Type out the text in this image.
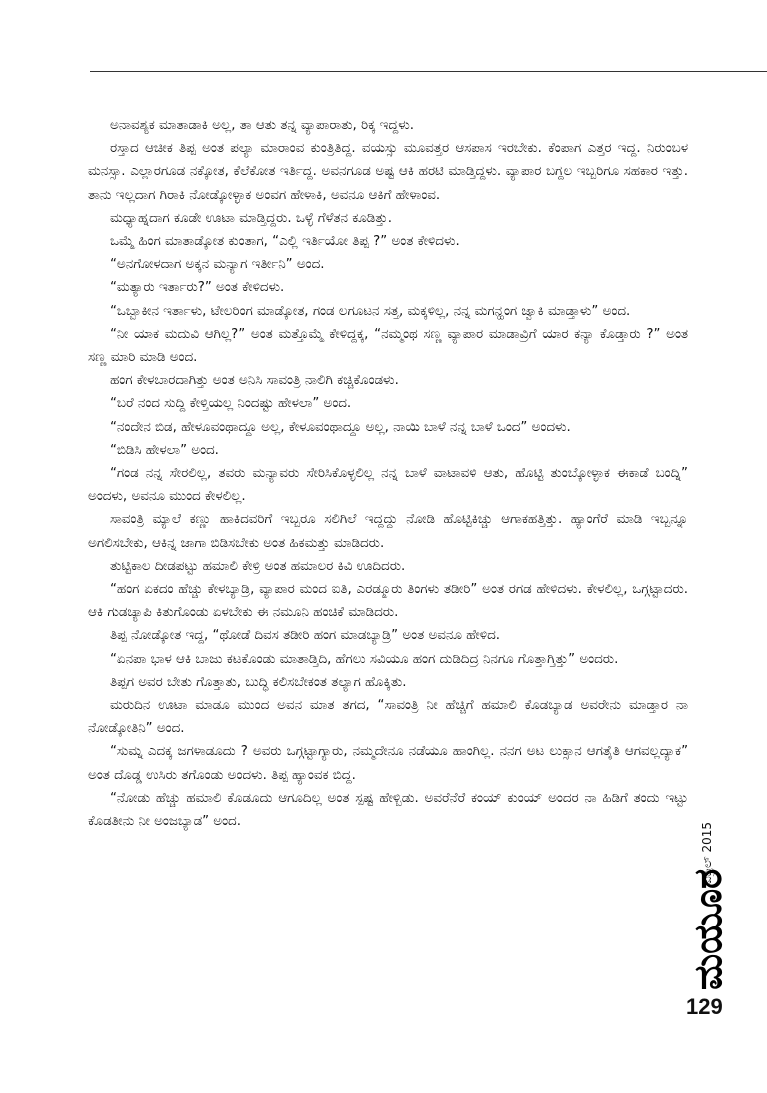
ಅನಾವಶ್ಯಕ ಮಾತಾಡಾಕಿ ಅಲ್ಲ, ತಾ ಆತು ತನ್ನ ವ್ಯಾಪಾರಾತು, ರಿಕ್ಕ ಇದ್ದಳು.

ರಸ್ತಾದ ಆಚೀಕ ತಿಪ್ಪ ಅಂತ ಪಲ್ಯಾ ಮಾರಾಂವ ಕುಂತ್ರಿತಿದ್ದ. ವಯಸ್ಸು ಮೂವತ್ತರ ಆಸಪಾಸ ಇರಬೇಕು. ಕೆಂಪಾಗ ಎತ್ತರ ಇದ್ದ. ನಿರುಂಬಳ ಮನಸ್ಸಾ. ಎಲ್ಲಾರಗೂಡ ನಕ್ಕೋತ, ಕೆಲೆಕೋತ ಇರ್ತಿದ್ದ. ಅವನಗೂಡ ಅಷ್ಟ ಆಕಿ ಹರಟಿ ಮಾಡ್ತಿದ್ದಳು. ವ್ಯಾಪಾರ ಬಗ್ದಲ ಇಬ್ಬರಿಗೂ ಸಹಕಾರ ಇತ್ತು. ತಾನು ಇಲ್ಲದಾಗ ಗಿರಾಕಿ ನೋಡ್ಕೋಳ್ಳಾಕ ಅಂವಗ ಹೇಳಾಕಿ, ಅವನೂ ಆಕಿಗೆ ಹೇಳಾಂವ.

ಮಧ್ಯಾಹ್ನದಾಗ ಕೂಡೇ ಊಟಾ ಮಾಡ್ತಿದ್ದರು. ಒಳ್ಳೆ ಗೆಳೆತನ ಕೂಡಿತ್ತು.

ಒಮ್ಮೆ ಹಿಂಗ ಮಾತಾಡ್ಕೋತ ಕುಂತಾಗ, “ಎಲ್ಲಿ ಇರ್ತಿಯೋ ತಿಪ್ಪ ?” ಅಂತ ಕೇಳಿದಳು.

“ಅನಗೋಳದಾಗ ಅಕ್ಕನ ಮನ್ಯಾಗ ಇರ್ತೀನಿ” ಅಂದ.

“ಮತ್ಯಾರು ಇರ್ತಾರು?” ಅಂತ ಕೇಳಿದಳು.

“ಒಬ್ಬಾಕೀನ ಇರ್ತಾಳು, ಟೇಲರಿಂಗ ಮಾಡ್ಕೋತ, ಗಂಡ ಲಗೂಟನ ಸತ್ತ, ಮಕ್ಕಳಿಲ್ಲ, ನನ್ನ ಮಗನ್ಹಂಗ ಜ್ವಾಕಿ ಮಾಡ್ತಾಳು” ಅಂದ.

“ನೀ ಯಾಕ ಮದುವಿ ಆಗಿಲ್ಲ?” ಅಂತ ಮತ್ತೊಮ್ಮೆ ಕೇಳಿದ್ದಕ್ಕ, “ನಮ್ಮಂಥ ಸಣ್ಣ ವ್ಯಾಪಾರ ಮಾಡಾವ್ರಿಗೆ ಯಾರ ಕನ್ಯಾ ಕೊಡ್ತಾರು ?” ಅಂತ ಸಣ್ಣ ಮಾರಿ ಮಾಡಿ ಅಂದ.

ಹಂಗ ಕೇಳಬಾರದಾಗಿತ್ತು ಅಂತ ಅನಿಸಿ ಸಾವಂತ್ರಿ ನಾಲಿಗಿ ಕಚ್ಚಿಕೊಂಡಳು.

“ಬರೆ ನಂದ ಸುದ್ದಿ ಕೇಳ್ತಿಯಲ್ಲ ನಿಂದಷ್ಟು ಹೇಳಲಾ” ಅಂದ.

“ನಂದೇನ ಬಿಡ, ಹೇಳೂವಂಥಾದ್ದೂ ಅಲ್ಲ, ಕೇಳೂವಂಥಾದ್ದೂ ಅಲ್ಲ, ನಾಯಿ ಬಾಳೆ ನನ್ನ ಬಾಳೆ ಒಂದ” ಅಂದಳು.

“ಬಿಡಿಸಿ ಹೇಳಲಾ” ಅಂದ.

“ಗಂಡ ನನ್ನ ಸೇರಲಿಲ್ಲ, ತವರು ಮನ್ಯಾವರು ಸೇರಿಸಿಕೊಳ್ಳಲಿಲ್ಲ ನನ್ನ ಬಾಳೆ ವಾಟಾವಳಿ ಆತು, ಹೊಟ್ಟಿ ತುಂಬ್ಕೋಳ್ಳಾಕ ಈಕಾಡೆ ಬಂದ್ನಿ” ಅಂದಳು, ಅವನೂ ಮುಂದ ಕೇಳಲಿಲ್ಲ.

ಸಾವಂತ್ರಿ ಮ್ಯಾಲೆ ಕಣ್ಣು ಹಾಕಿದವರಿಗೆ ಇಬ್ಬರೂ ಸಲಿಗಿಲೆ ಇದ್ದದ್ದು ನೋಡಿ ಹೊಟ್ಟಿಕಿಚ್ಚು ಆಗಾಕಹತ್ತಿತ್ತು. ಹ್ಯಾಂಗೆರೆ ಮಾಡಿ ಇಬ್ಬನ್ನೂ ಅಗಲಿಸಬೇಕು, ಆಕಿನ್ನ ಜಾಗಾ ಬಿಡಿಸಬೇಕು ಅಂತ ಹಿಕಮತ್ತು ಮಾಡಿದರು.

ತುಟ್ಟಿಕಾಲ ದೀಡಪಟ್ಟು ಹಮಾಲಿ ಕೇಳ್ರಿ ಅಂತ ಹಮಾಲರ ಕಿವಿ ಊದಿದರು.

“ಹಂಗ ಏಕದಂ ಹೆಚ್ಚು ಕೇಳಬ್ಯಾಡ್ರಿ, ವ್ಯಾಪಾರ ಮಂದ ಐತಿ, ಎರಡ್ಮೂರು ತಿಂಗಳು ತಡೀರಿ” ಅಂತ ರಗಡ ಹೇಳಿದಳು. ಕೇಳಲಿಲ್ಲ, ಒಗ್ಗಟ್ಟಾದರು. ಆಕಿ ಗುಡಚ್ಯಾಪಿ ಕಿತುಗೊಂಡು ಏಳಬೇಕು ಈ ನಮೂನಿ ಹಂಚಿಕೆ ಮಾಡಿದರು.

ತಿಪ್ಪ ನೋಡ್ಕೋತ ಇದ್ದ, “ಥೋಡೆ ದಿವಸ ತಡೀರಿ ಹಂಗ ಮಾಡಬ್ಯಾಡ್ರಿ” ಅಂತ ಅವನೂ ಹೇಳಿದ.

“ಏನಪಾ ಭಾಳ ಆಕಿ ಬಾಜು ಕಟಕೊಂಡು ಮಾತಾಡ್ತಿದಿ, ಹೆಗಲು ಸವಿಯೂ ಹಂಗ ದುಡಿದಿದ್ರ ನಿನಗೂ ಗೊತ್ತಾಗ್ತಿತ್ತು” ಅಂದರು.

ತಿಪ್ಪಗ ಅವರ ಬೇತು ಗೊತ್ತಾತು, ಬುದ್ಧಿ ಕಲಿಸಬೇಕಂತ ತಲ್ಯಾಗ ಹೊಕ್ಕಿತು.

ಮರುದಿನ ಊಟಾ ಮಾಡೂ ಮುಂದ ಅವನ ಮಾತ ತಗದ, “ಸಾವಂತ್ರಿ ನೀ ಹೆಚ್ಚಿಗೆ ಹಮಾಲಿ ಕೊಡಬ್ಯಾಡ ಅವರೇನು ಮಾಡ್ತಾರ ನಾ ನೋಡ್ಕೋತಿನಿ” ಅಂದ.

“ಸುಮ್ನ ಎದಕ್ಕ ಜಗಳಾಡೂದು ? ಅವರು ಒಗ್ಗಟ್ಟಾಗ್ಯಾರು, ನಮ್ಮದೇನೂ ನಡೆಯೂ ಹಾಂಗಿಲ್ಲ. ನನಗ ಅಟ ಲುಕ್ಸಾನ ಆಗತೈತಿ ಆಗವಲ್ಲದ್ಯಾಕ” ಅಂತ ದೊಡ್ಡ ಉಸಿರು ತಗೊಂಡು ಅಂದಳು. ತಿಪ್ಪ ಹ್ಯಾಂವಕ ಬಿದ್ದ.

“ನೋಡು ಹೆಚ್ಚು ಹಮಾಲಿ ಕೊಡೂದು ಆಗೂದಿಲ್ಲ ಅಂತ ಸ್ಪಷ್ಟ ಹೇಳ್ಬಿಡು. ಅವರೆನೆರೆ ಕಂಯ್ ಕುಂಯ್ ಅಂದರ ನಾ ಹಿಡಿಗೆ ತಂದು ಇಟ್ಟು ಕೊಡತೀನು ನೀ ಅಂಜಬ್ಯಾಡ” ಅಂದ.

ಏಪ್ರಿಲ್ 2015
ಮಯೂರ
129
